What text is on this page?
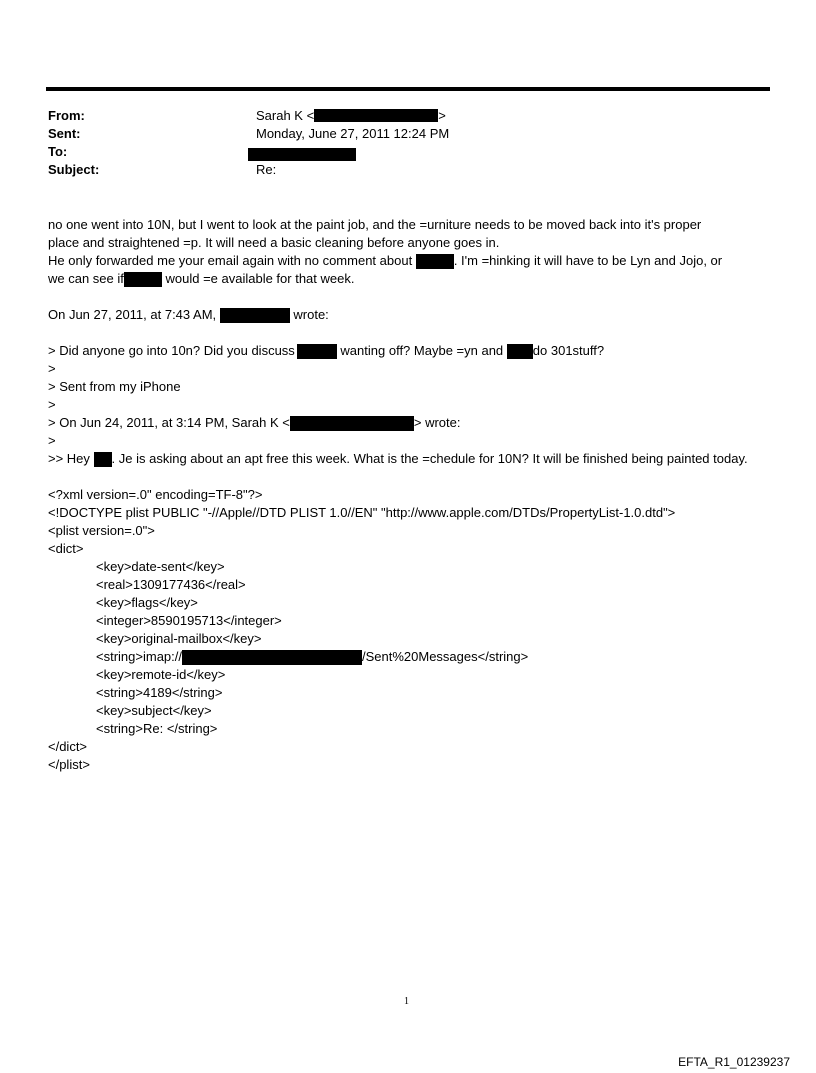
From:	Sarah K <	>
Sent:	Monday, June 27, 2011 12:24 PM
To:
Subject:	Re:
no one went into 10N, but I went to look at the paint job, and the =urniture needs to be moved back into it's proper
place and straightened =p. It will need a basic cleaning before anyone goes in.
He only forwarded me your email again with no comment about	. I'm =hinking it will have to be Lyn and Jojo, or
we can see if	would =e available for that week.
On Jun 27, 2011, at 7:43 AM,	wrote:
> Did anyone go into 10n? Did you discuss	wanting off? Maybe =yn and do 301stuff?
>
> Sent from my iPhone
>
> On Jun 24, 2011, at 3:14 PM, Sarah K <	> wrote:
>
>> Hey . Je is asking about an apt free this week. What is the =chedule for 10N? It will be finished being painted today.
<?xml version=.0" encoding=TF-8"?>
<!DOCTYPE plist PUBLIC "-//Apple//DTD PLIST 1.0//EN" "http://www.apple.com/DTDs/PropertyList-1.0.dtd">
<plist version=.0">
<dict>
<key>date-sent</key>
<real>1309177436</real>
<key>flags</key>
<integer>8590195713</integer>
<key>original-mailbox</key>
<string>imap://	/Sent%20Messages</string>
<key>remote-id</key>
<string>4189</string>
<key>subject</key>
<string>Re: </string>
</dict>
</plist>
1
EFTA_R1_01239237
